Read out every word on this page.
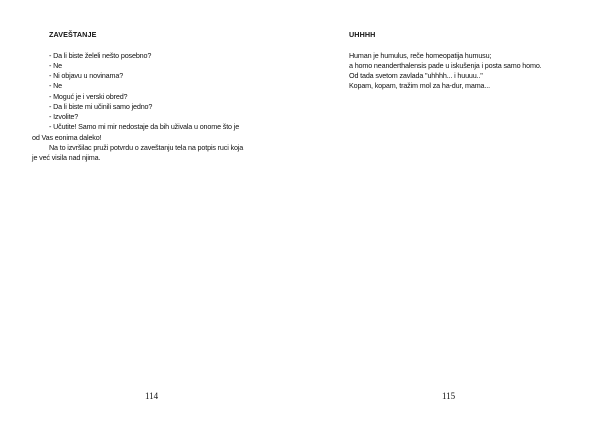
ZAVEŠTANJE
- Da li biste želeli nešto posebno?
- Ne
- Ni objavu u novinama?
- Ne
- Moguć je i verski obred?
- Da li biste mi učinili samo jedno?
- Izvolite?
- Učutite! Samo mi mir nedostaje da bih uživala u onome što je
od Vas eonima daleko!
Na to izvršilac pruži potvrdu o zaveštanju tela na potpis ruci koja
je već visila nad njima.
114
UHHHH
Human je humulus, reče homeopatija humusu;
a homo neanderthalensis pade u iskušenja i posta samo homo.
Od tada svetom zavlada "uhhhh... i huuuu.."
Kopam, kopam, tražim mol za ha-dur, mama...
115
